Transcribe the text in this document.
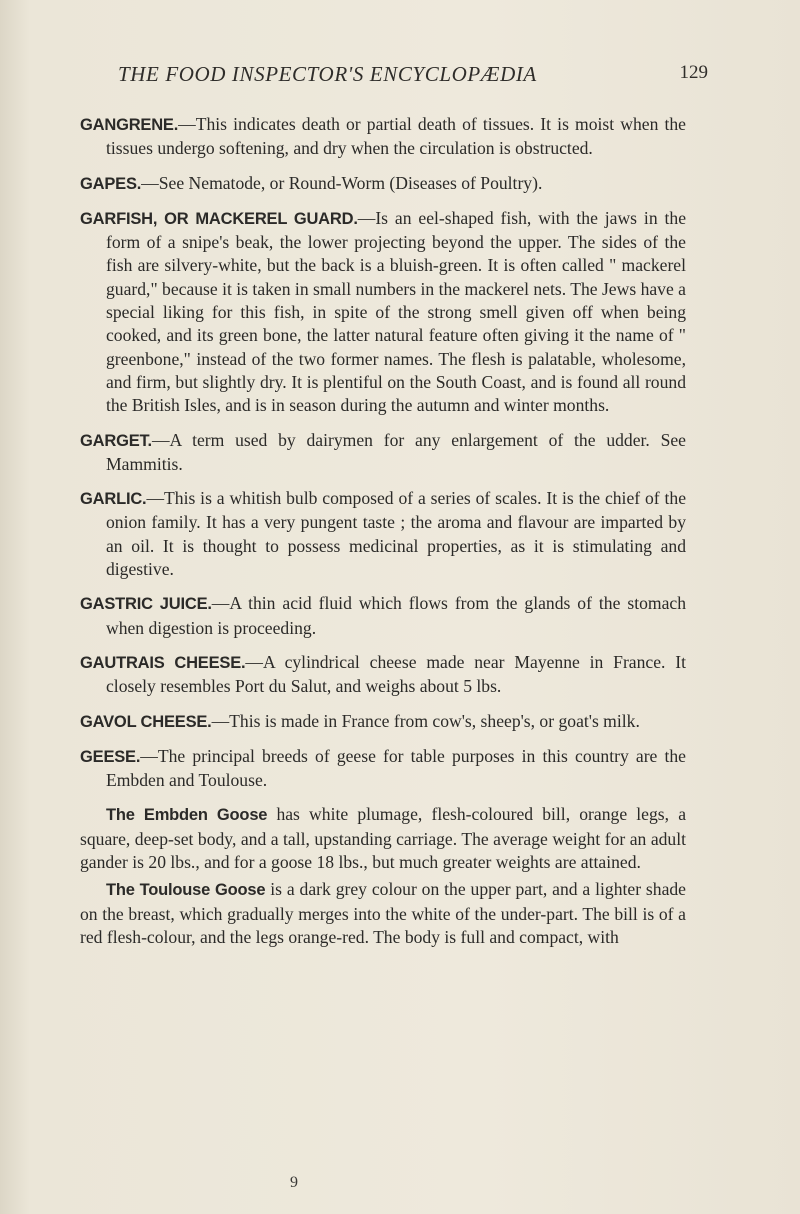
THE FOOD INSPECTOR'S ENCYCLOPÆDIA	129

GANGRENE.—This indicates death or partial death of tissues. It is moist when the tissues undergo softening, and dry when the circulation is obstructed.

GAPES.—See Nematode, or Round-Worm (Diseases of Poultry).

GARFISH, OR MACKEREL GUARD.—Is an eel-shaped fish, with the jaws in the form of a snipe's beak, the lower projecting beyond the upper. The sides of the fish are silvery-white, but the back is a bluish-green. It is often called " mackerel guard," because it is taken in small numbers in the mackerel nets. The Jews have a special liking for this fish, in spite of the strong smell given off when being cooked, and its green bone, the latter natural feature often giving it the name of " greenbone," instead of the two former names. The flesh is palatable, wholesome, and firm, but slightly dry. It is plentiful on the South Coast, and is found all round the British Isles, and is in season during the autumn and winter months.

GARGET.—A term used by dairymen for any enlargement of the udder. See Mammitis.

GARLIC.—This is a whitish bulb composed of a series of scales. It is the chief of the onion family. It has a very pungent taste ; the aroma and flavour are imparted by an oil. It is thought to possess medicinal properties, as it is stimulating and digestive.

GASTRIC JUICE.—A thin acid fluid which flows from the glands of the stomach when digestion is proceeding.

GAUTRAIS CHEESE.—A cylindrical cheese made near Mayenne in France. It closely resembles Port du Salut, and weighs about 5 lbs.

GAVOL CHEESE.—This is made in France from cow's, sheep's, or goat's milk.

GEESE.—The principal breeds of geese for table purposes in this country are the Embden and Toulouse.

The Embden Goose has white plumage, flesh-coloured bill, orange legs, a square, deep-set body, and a tall, upstanding carriage. The average weight for an adult gander is 20 lbs., and for a goose 18 lbs., but much greater weights are attained.

The Toulouse Goose is a dark grey colour on the upper part, and a lighter shade on the breast, which gradually merges into the white of the under-part. The bill is of a red flesh-colour, and the legs orange-red. The body is full and compact, with

9
